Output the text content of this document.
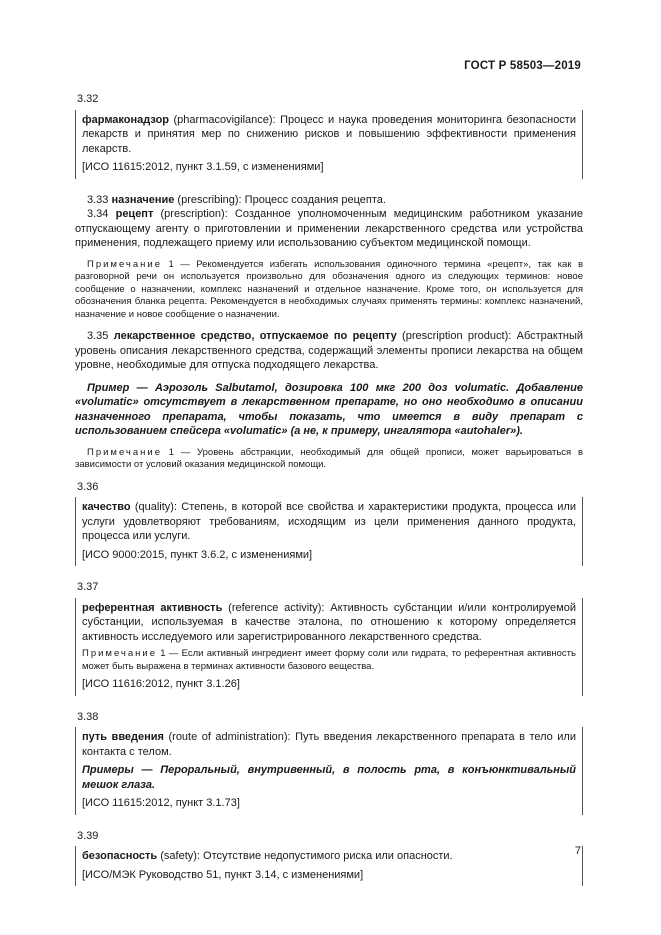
ГОСТ Р 58503—2019
3.32

фармаконадзор (pharmacovigilance): Процесс и наука проведения мониторинга безопасности лекарств и принятия мер по снижению рисков и повышению эффективности применения лекарств.

[ИСО 11615:2012, пункт 3.1.59, с изменениями]

3.33 назначение (prescribing): Процесс создания рецепта.

3.34 рецепт (prescription): Созданное уполномоченным медицинским работником указание отпускающему агенту о приготовлении и применении лекарственного средства или устройства применения, подлежащего приему или использованию субъектом медицинской помощи.

Примечание 1 — Рекомендуется избегать использования одиночного термина «рецепт», так как в разговорной речи он используется произвольно для обозначения одного из следующих терминов: новое сообщение о назначении, комплекс назначений и отдельное назначение. Кроме того, он используется для обозначения бланка рецепта. Рекомендуется в необходимых случаях применять термины: комплекс назначений, назначение и новое сообщение о назначении.

3.35 лекарственное средство, отпускаемое по рецепту (prescription product): Абстрактный уровень описания лекарственного средства, содержащий элементы прописи лекарства на общем уровне, необходимые для отпуска подходящего лекарства.

Пример — Аэрозоль Salbutamol, дозировка 100 мкг 200 доз volumatic. Добавление «volumatic» отсутствует в лекарственном препарате, но оно необходимо в описании назначенного препарата, чтобы показать, что имеется в виду препарат с использованием спейсера «volumatic» (а не, к примеру, ингалятора «autohaler»).

Примечание 1 — Уровень абстракции, необходимый для общей прописи, может варьироваться в зависимости от условий оказания медицинской помощи.

3.36

качество (quality): Степень, в которой все свойства и характеристики продукта, процесса или услуги удовлетворяют требованиям, исходящим из цели применения данного продукта, процесса или услуги.

[ИСО 9000:2015, пункт 3.6.2, с изменениями]

3.37

референтная активность (reference activity): Активность субстанции и/или контролируемой субстанции, используемая в качестве эталона, по отношению к которому определяется активность исследуемого или зарегистрированного лекарственного средства.

Примечание 1 — Если активный ингредиент имеет форму соли или гидрата, то референтная активность может быть выражена в терминах активности базового вещества.

[ИСО 11616:2012, пункт 3.1.26]

3.38

путь введения (route of administration): Путь введения лекарственного препарата в тело или контакта с телом.

Примеры — Пероральный, внутривенный, в полость рта, в конъюнктивальный мешок глаза.

[ИСО 11615:2012, пункт 3.1.73]

3.39

безопасность (safety): Отсутствие недопустимого риска или опасности.

[ИСО/МЭК Руководство 51, пункт 3.14, с изменениями]

7
